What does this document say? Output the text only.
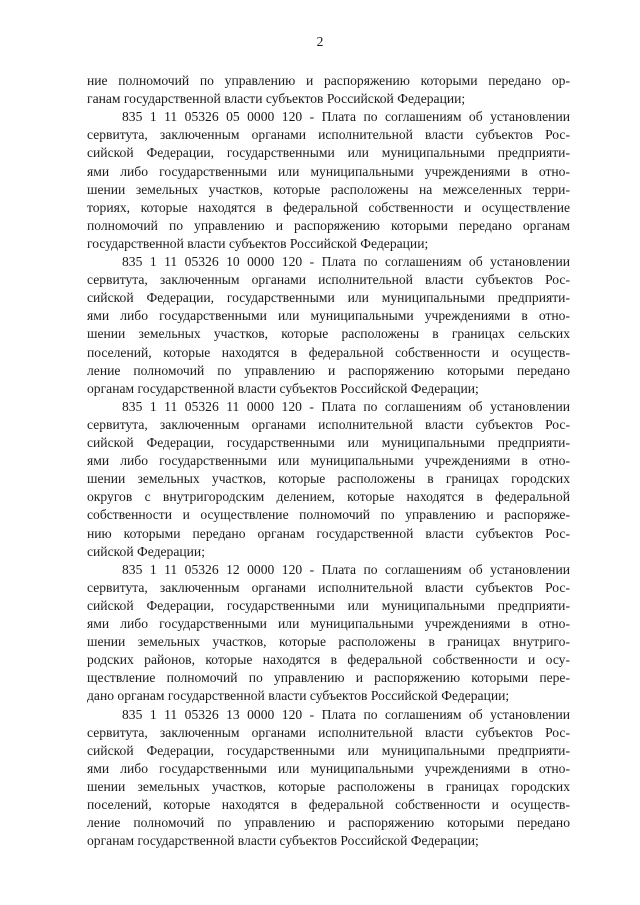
2
ние полномочий по управлению и распоряжению которыми передано ор-
ганам государственной власти субъектов Российской Федерации;
835 1 11 05326 05 0000 120 - Плата по соглашениям об установлении
сервитута, заключенным органами исполнительной власти субъектов Рос-
сийской Федерации, государственными или муниципальными предприяти-
ями либо государственными или муниципальными учреждениями в отно-
шении земельных участков, которые расположены на межселенных терри-
ториях, которые находятся в федеральной собственности и осуществление
полномочий по управлению и распоряжению которыми передано органам
государственной власти субъектов Российской Федерации;
835 1 11 05326 10 0000 120 - Плата по соглашениям об установлении
сервитута, заключенным органами исполнительной власти субъектов Рос-
сийской Федерации, государственными или муниципальными предприяти-
ями либо государственными или муниципальными учреждениями в отно-
шении земельных участков, которые расположены в границах сельских
поселений, которые находятся в федеральной собственности и осуществ-
ление полномочий по управлению и распоряжению которыми передано
органам государственной власти субъектов Российской Федерации;
835 1 11 05326 11 0000 120 - Плата по соглашениям об установлении
сервитута, заключенным органами исполнительной власти субъектов Рос-
сийской Федерации, государственными или муниципальными предприяти-
ями либо государственными или муниципальными учреждениями в отно-
шении земельных участков, которые расположены в границах городских
округов с внутригородским делением, которые находятся в федеральной
собственности и осуществление полномочий по управлению и распоряже-
нию которыми передано органам государственной власти субъектов Рос-
сийской Федерации;
835 1 11 05326 12 0000 120 - Плата по соглашениям об установлении
сервитута, заключенным органами исполнительной власти субъектов Рос-
сийской Федерации, государственными или муниципальными предприяти-
ями либо государственными или муниципальными учреждениями в отно-
шении земельных участков, которые расположены в границах внутриго-
родских районов, которые находятся в федеральной собственности и осу-
ществление полномочий по управлению и распоряжению которыми пере-
дано органам государственной власти субъектов Российской Федерации;
835 1 11 05326 13 0000 120 - Плата по соглашениям об установлении
сервитута, заключенным органами исполнительной власти субъектов Рос-
сийской Федерации, государственными или муниципальными предприяти-
ями либо государственными или муниципальными учреждениями в отно-
шении земельных участков, которые расположены в границах городских
поселений, которые находятся в федеральной собственности и осуществ-
ление полномочий по управлению и распоряжению которыми передано
органам государственной власти субъектов Российской Федерации;
